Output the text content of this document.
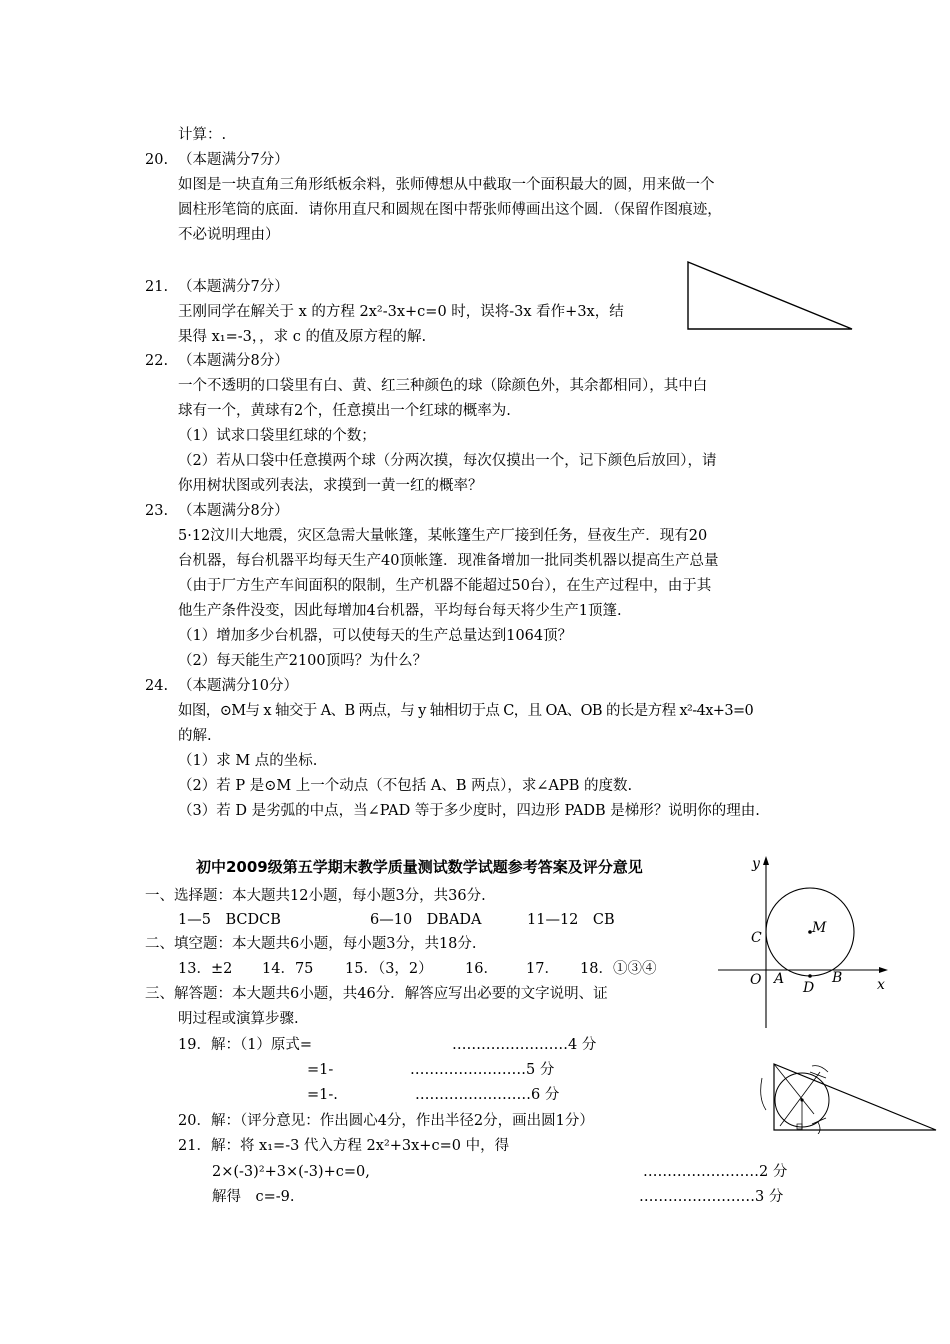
计算：.
20. （本题满分7分）
如图是一块直角三角形纸板余料，张师傅想从中截取一个面积最大的圆，用来做一个
圆柱形笔筒的底面．请你用直尺和圆规在图中帮张师傅画出这个圆．（保留作图痕迹，
不必说明理由）
21. （本题满分7分）
王刚同学在解关于 x 的方程 2x²-3x+c=0 时，误将-3x 看作+3x，结
果得 x₁=-3，，求 c 的值及原方程的解.
22. （本题满分8分）
一个不透明的口袋里有白、黄、红三种颜色的球（除颜色外，其余都相同），其中白
球有一个，黄球有2个，任意摸出一个红球的概率为.
（1）试求口袋里红球的个数；
（2）若从口袋中任意摸两个球（分两次摸，每次仅摸出一个，记下颜色后放回），请
你用树状图或列表法，求摸到一黄一红的概率？
23. （本题满分8分）
5·12汶川大地震，灾区急需大量帐篷，某帐篷生产厂接到任务，昼夜生产．现有20
台机器，每台机器平均每天生产40顶帐篷．现准备增加一批同类机器以提高生产总量
（由于厂方生产车间面积的限制，生产机器不能超过50台），在生产过程中，由于其
他生产条件没变，因此每增加4台机器，平均每台每天将少生产1顶篷.
（1）增加多少台机器，可以使每天的生产总量达到1064顶？
（2）每天能生产2100顶吗？为什么？
24. （本题满分10分）
如图，⊙M与 x 轴交于 A、B 两点，与 y 轴相切于点 C，且 OA、OB 的长是方程 x²-4x+3=0
的解.
（1）求 M 点的坐标.
（2）若 P 是⊙M 上一个动点（不包括 A、B 两点），求∠APB 的度数.
（3）若 D 是劣弧的中点，当∠PAD 等于多少度时，四边形 PADB 是梯形？说明你的理由.
初中2009级第五学期末教学质量测试数学试题参考答案及评分意见
一、选择题：本大题共12小题，每小题3分，共36分.
1—5　BCDCB	6—10　DBADA	11—12　CB
二、填空题：本大题共6小题，每小题3分，共18分.
13．±2 14．75 15．（3，2） 16． 17． 18．①③④
三、解答题：本大题共6小题，共46分．解答应写出必要的文字说明、证
明过程或演算步骤.
19．解：（1）原式=	……………………4 分
=1-	……………………5 分
=1-.	……………………6 分
20．解：（评分意见：作出圆心4分，作出半径2分，画出圆1分）
21．解：将 x₁=-3 代入方程 2x²+3x+c=0 中，得
2×(-3)²+3×(-3)+c=0,	……………………2 分
解得　c=-9.	……………………3 分
y
x
M
C
O A	B
D
